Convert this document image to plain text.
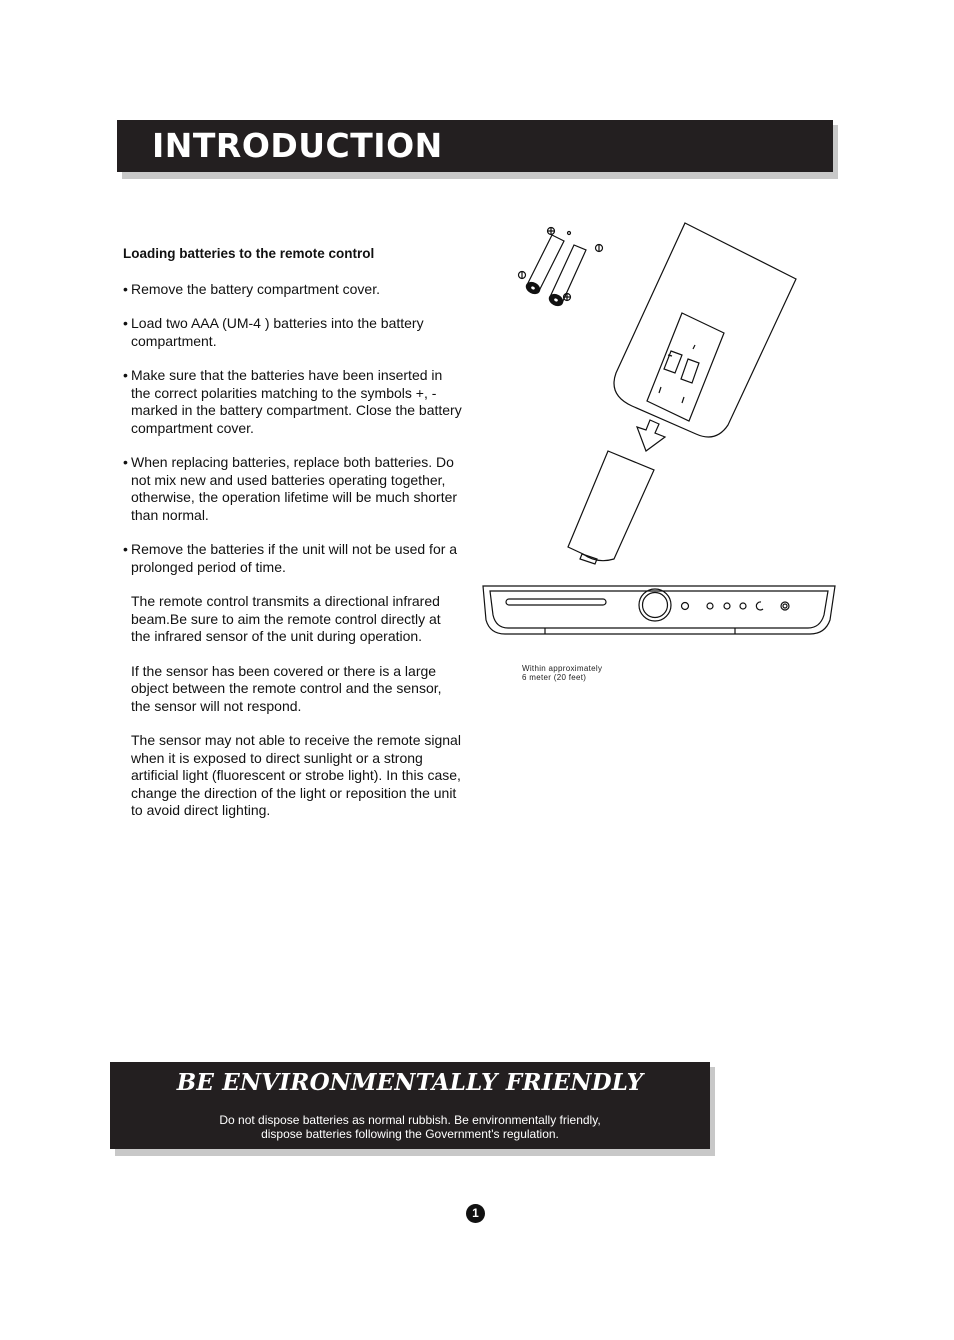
INTRODUCTION
Loading batteries to the remote control

• Remove the battery compartment cover.

• Load two AAA (UM-4 ) batteries into the battery compartment.

• Make sure that the batteries have been inserted in the correct polarities matching to the symbols +, - marked in the battery compartment. Close the battery compartment cover.

• When replacing batteries, replace both batteries. Do not mix new and used batteries operating together, otherwise, the operation lifetime will be much shorter than normal.

• Remove the batteries if the unit will not be used for a prolonged period of time.

The remote control transmits a directional infrared beam.Be sure to aim the remote control directly at the infrared sensor of the unit during operation.

If the sensor has been covered or there is a large object between the remote control and the sensor, the sensor will not respond.

The sensor may not able to receive the remote signal when it is exposed to direct sunlight or a strong artificial light (fluorescent or strobe light). In this case, change the direction of the light or reposition the unit to avoid direct lighting.

Within approximately
6 meter (20 feet)
BE ENVIRONMENTALLY FRIENDLY
Do not dispose batteries as normal rubbish. Be environmentally friendly,
dispose batteries following the Government's regulation.
1
